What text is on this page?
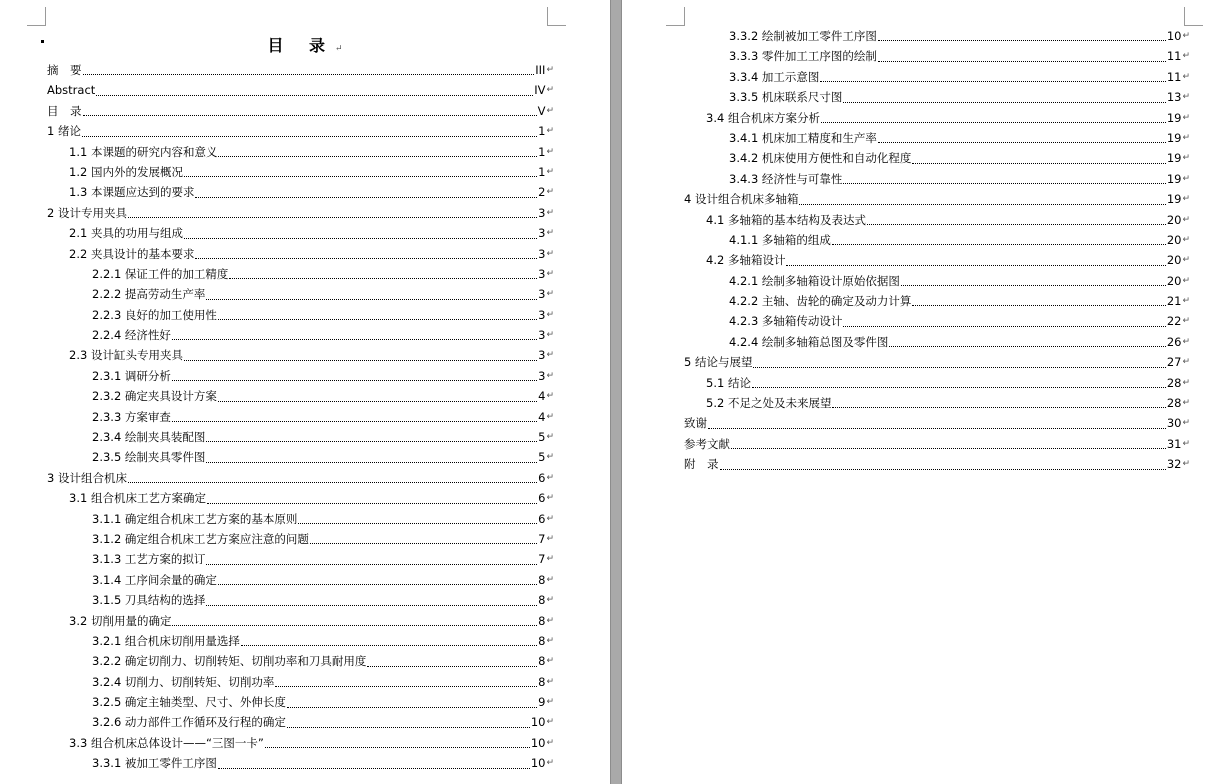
目 录↵
摘　要	III ↵
Abstract	IV ↵
目　录	V ↵
1 绪论	1 ↵
1.1 本课题的研究内容和意义	1 ↵
1.2 国内外的发展概况	1 ↵
1.3 本课题应达到的要求	2 ↵
2 设计专用夹具	3 ↵
2.1 夹具的功用与组成	3 ↵
2.2 夹具设计的基本要求	3 ↵
2.2.1 保证工件的加工精度	3 ↵
2.2.2 提高劳动生产率	3 ↵
2.2.3 良好的加工使用性	3 ↵
2.2.4 经济性好	3 ↵
2.3 设计缸头专用夹具	3 ↵
2.3.1 调研分析	3 ↵
2.3.2 确定夹具设计方案	4 ↵
2.3.3 方案审查	4 ↵
2.3.4 绘制夹具装配图	5 ↵
2.3.5 绘制夹具零件图	5 ↵
3 设计组合机床	6 ↵
3.1 组合机床工艺方案确定	6 ↵
3.1.1 确定组合机床工艺方案的基本原则	6 ↵
3.1.2 确定组合机床工艺方案应注意的问题	7 ↵
3.1.3 工艺方案的拟订	7 ↵
3.1.4 工序间余量的确定	8 ↵
3.1.5 刀具结构的选择	8 ↵
3.2 切削用量的确定	8 ↵
3.2.1 组合机床切削用量选择	8 ↵
3.2.2 确定切削力、切削转矩、切削功率和刀具耐用度	8 ↵
3.2.4 切削力、切削转矩、切削功率	8 ↵
3.2.5 确定主轴类型、尺寸、外伸长度	9 ↵
3.2.6 动力部件工作循环及行程的确定	10 ↵
3.3 组合机床总体设计——“三图一卡”	10 ↵
3.3.1 被加工零件工序图	10 ↵
3.3.2 绘制被加工零件工序图	10 ↵
3.3.3 零件加工工序图的绘制	11 ↵
3.3.4 加工示意图	11 ↵
3.3.5 机床联系尺寸图	13 ↵
3.4 组合机床方案分析	19 ↵
3.4.1 机床加工精度和生产率	19 ↵
3.4.2 机床使用方便性和自动化程度	19 ↵
3.4.3 经济性与可靠性	19 ↵
4 设计组合机床多轴箱	19 ↵
4.1 多轴箱的基本结构及表达式	20 ↵
4.1.1 多轴箱的组成	20 ↵
4.2 多轴箱设计	20 ↵
4.2.1 绘制多轴箱设计原始依据图	20 ↵
4.2.2 主轴、齿轮的确定及动力计算	21 ↵
4.2.3 多轴箱传动设计	22 ↵
4.2.4 绘制多轴箱总图及零件图	26 ↵
5 结论与展望	27 ↵
5.1 结论	28 ↵
5.2 不足之处及未来展望	28 ↵
致谢	30 ↵
参考文献	31 ↵
附　录	32 ↵
